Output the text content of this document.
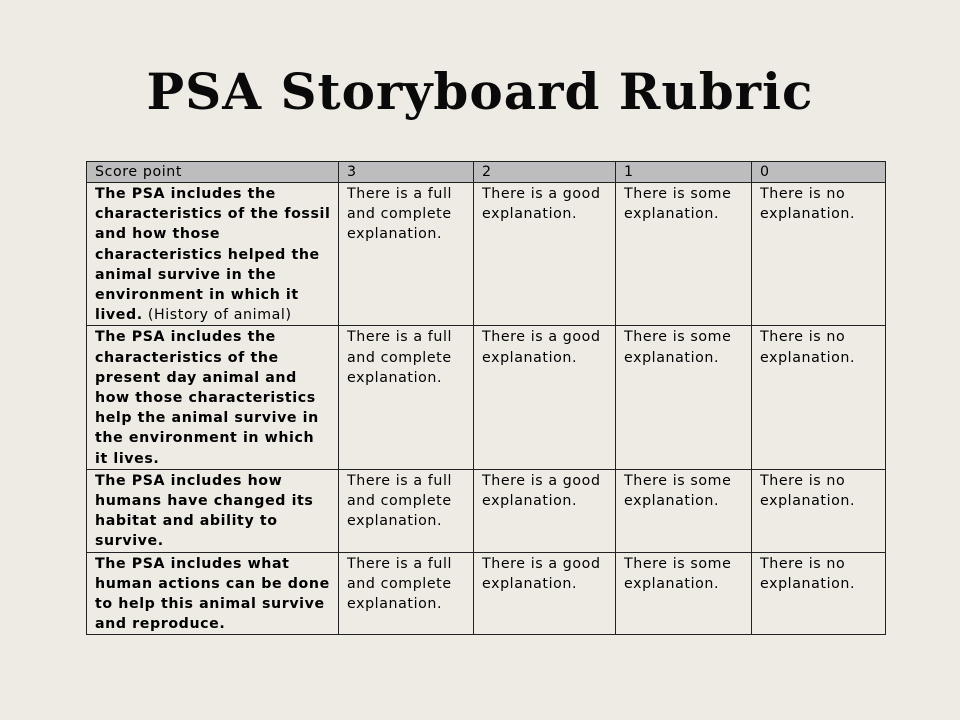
PSA Storyboard Rubric
Score point	3	2	1	0
The PSA includes the characteristics of the fossil and how those characteristics helped the animal survive in the environment in which it lived. (History of animal)	There is a full and complete explanation.	There is a good explanation.	There is some explanation.	There is no explanation.
The PSA includes the characteristics of the present day animal and how those characteristics help the animal survive in the environment in which it lives.	There is a full and complete explanation.	There is a good explanation.	There is some explanation.	There is no explanation.
The PSA includes how humans have changed its habitat and ability to survive.	There is a full and complete explanation.	There is a good explanation.	There is some explanation.	There is no explanation.
The PSA includes what human actions can be done to help this animal survive and reproduce.	There is a full and complete explanation.	There is a good explanation.	There is some explanation.	There is no explanation.
